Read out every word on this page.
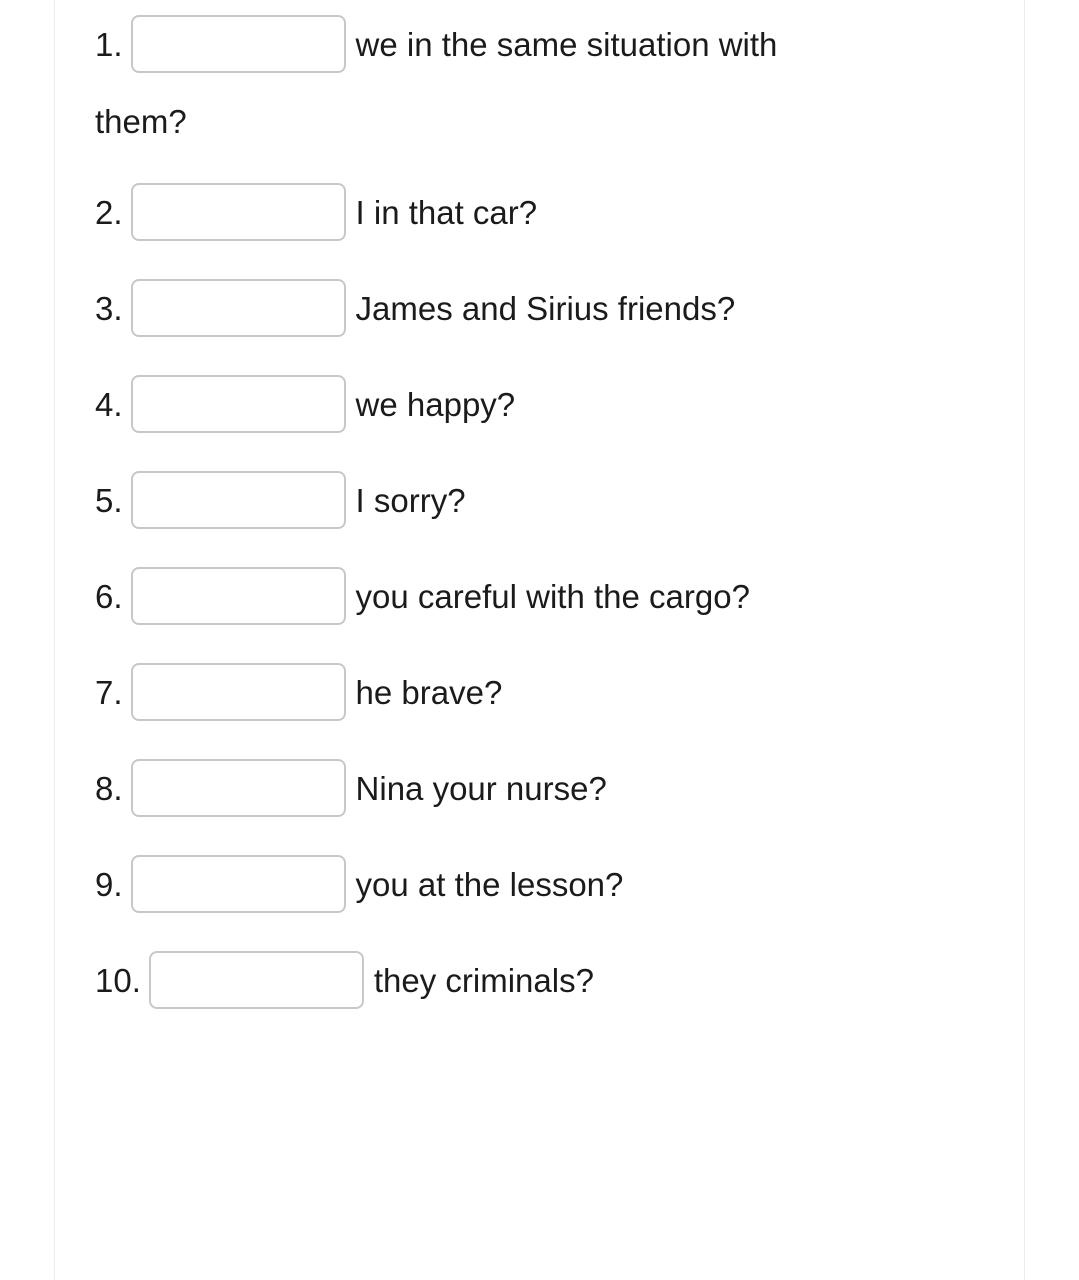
1.	we in the same situation with
them?
2.	I in that car?
3.	James and Sirius friends?
4.	we happy?
5.	I sorry?
6.	you careful with the cargo?
7.	he brave?
8.	Nina your nurse?
9.	you at the lesson?
10.	they criminals?
